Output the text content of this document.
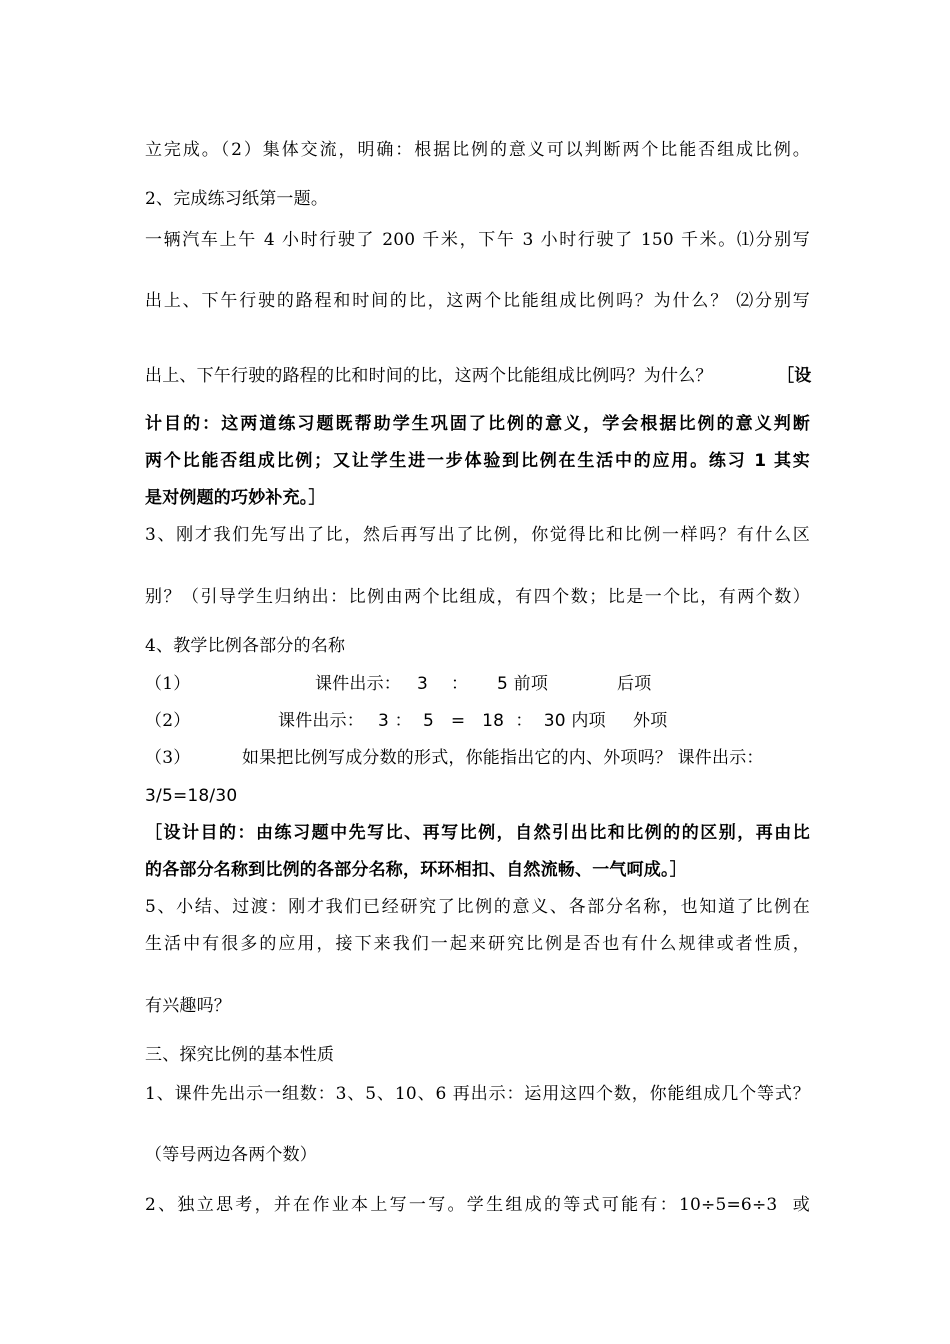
立完成。（2）集体交流，明确：根据比例的意义可以判断两个比能否组成比例。
2、完成练习纸第一题。
一辆汽车上午 4 小时行驶了 200 千米，下午 3 小时行驶了 150 千米。⑴分别写
出上、下午行驶的路程和时间的比，这两个比能组成比例吗？为什么？ ⑵分别写
出上、下午行驶的路程的比和时间的比，这两个比能组成比例吗？为什么？	［设
计目的：这两道练习题既帮助学生巩固了比例的意义，学会根据比例的意义判断
两个比能否组成比例；又让学生进一步体验到比例在生活中的应用。练习 1 其实
是对例题的巧妙补充。］
3、刚才我们先写出了比，然后再写出了比例，你觉得比和比例一样吗？有什么区
别？（引导学生归纳出：比例由两个比组成，有四个数；比是一个比，有两个数）
4、教学比例各部分的名称
（1）	课件出示： 3 ： 5 前项	后项
（2）	课件出示： 3 ：  5   =   18  ：  30 内项 外项
（3）	如果把比例写成分数的形式，你能指出它的内、外项吗？ 课件出示：
3/5=18/30
［设计目的：由练习题中先写比、再写比例，自然引出比和比例的的区别，再由比
的各部分名称到比例的各部分名称，环环相扣、自然流畅、一气呵成。］
5、小结、过渡：刚才我们已经研究了比例的意义、各部分名称，也知道了比例在
生活中有很多的应用，接下来我们一起来研究比例是否也有什么规律或者性质，
有兴趣吗？
三、探究比例的基本性质
1、课件先出示一组数：3、5、10、6 再出示：运用这四个数，你能组成几个等式？
（等号两边各两个数）
2、独立思考，并在作业本上写一写。学生组成的等式可能有：10÷5=6÷3  或
